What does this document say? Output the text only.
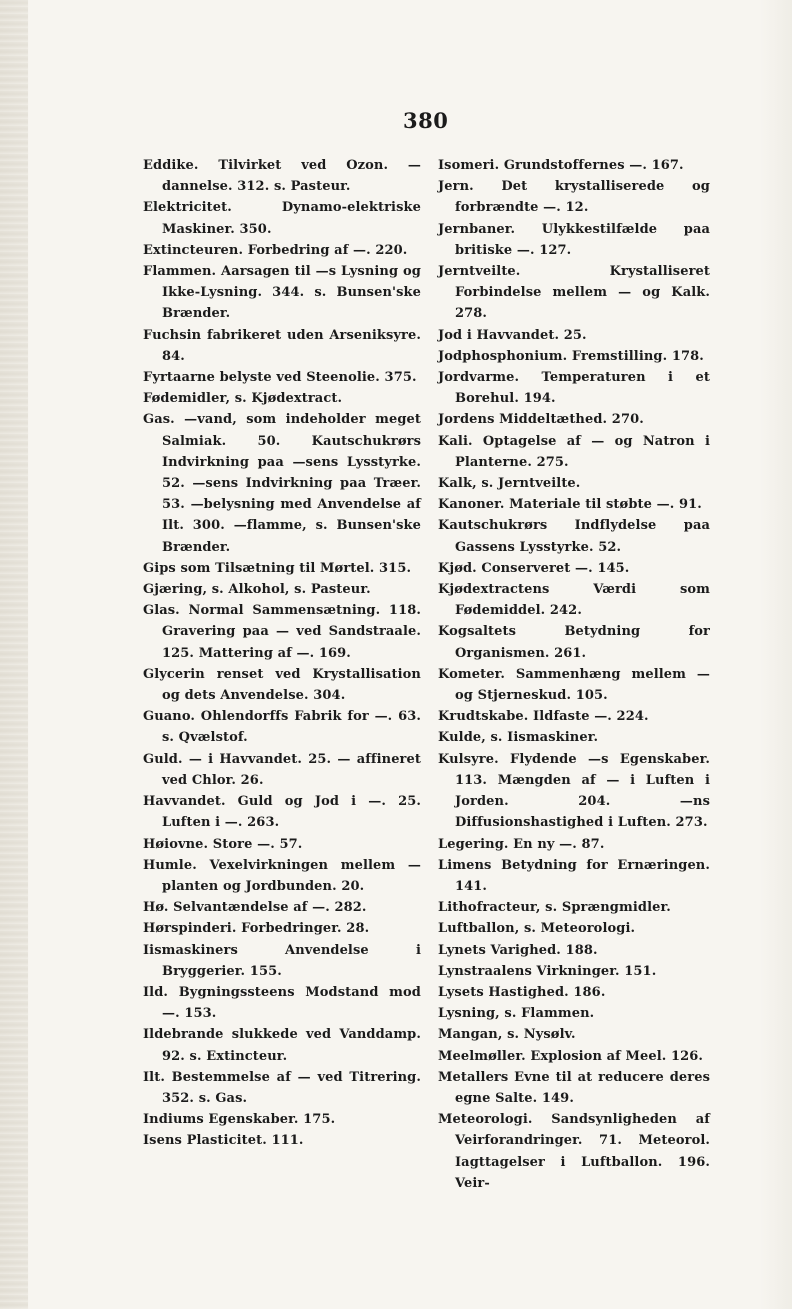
380

Eddike. Tilvirket ved Ozon. — dannelse. 312. s. Pasteur.

Elektricitet. Dynamo-elektriske Maskiner. 350.

Extincteuren. Forbedring af —. 220.

Flammen. Aarsagen til —s Lysning og Ikke-Lysning. 344. s. Bunsen'ske Brænder.

Fuchsin fabrikeret uden Arseniksyre. 84.

Fyrtaarne belyste ved Steenolie. 375.

Fødemidler, s. Kjødextract.

Gas. —vand, som indeholder meget Salmiak. 50. Kautschukrørs Indvirkning paa —sens Lysstyrke. 52. —sens Indvirkning paa Træer. 53. —belysning med Anvendelse af Ilt. 300. —flamme, s. Bunsen'ske Brænder.

Gips som Tilsætning til Mørtel. 315.

Gjæring, s. Alkohol, s. Pasteur.

Glas. Normal Sammensætning. 118. Gravering paa — ved Sandstraale. 125. Mattering af —. 169.

Glycerin renset ved Krystallisation og dets Anvendelse. 304.

Guano. Ohlendorffs Fabrik for —. 63. s. Qvælstof.

Guld. — i Havvandet. 25. — affineret ved Chlor. 26.

Havvandet. Guld og Jod i —. 25. Luften i —. 263.

Høiovne. Store —. 57.

Humle. Vexelvirkningen mellem —planten og Jordbunden. 20.

Hø. Selvantændelse af —. 282.

Hørspinderi. Forbedringer. 28.

Iismaskiners Anvendelse i Bryggerier. 155.

Ild. Bygningssteens Modstand mod —. 153.

Ildebrande slukkede ved Vanddamp. 92. s. Extincteur.

Ilt. Bestemmelse af — ved Titrering. 352. s. Gas.

Indiums Egenskaber. 175.

Isens Plasticitet. 111.

Isomeri. Grundstoffernes —. 167.

Jern. Det krystalliserede og forbrændte —. 12.

Jernbaner. Ulykkestilfælde paa britiske —. 127.

Jerntveilte. Krystalliseret Forbindelse mellem — og Kalk. 278.

Jod i Havvandet. 25.

Jodphosphonium. Fremstilling. 178.

Jordvarme. Temperaturen i et Borehul. 194.

Jordens Middeltæthed. 270.

Kali. Optagelse af — og Natron i Planterne. 275.

Kalk, s. Jerntveilte.

Kanoner. Materiale til støbte —. 91.

Kautschukrørs Indflydelse paa Gassens Lysstyrke. 52.

Kjød. Conserveret —. 145.

Kjødextractens Værdi som Fødemiddel. 242.

Kogsaltets Betydning for Organismen. 261.

Kometer. Sammenhæng mellem — og Stjerneskud. 105.

Krudtskabe. Ildfaste —. 224.

Kulde, s. Iismaskiner.

Kulsyre. Flydende —s Egenskaber. 113. Mængden af — i Luften i Jorden. 204. —ns Diffusionshastighed i Luften. 273.

Legering. En ny —. 87.

Limens Betydning for Ernæringen. 141.

Lithofracteur, s. Sprængmidler.

Luftballon, s. Meteorologi.

Lynets Varighed. 188.

Lynstraalens Virkninger. 151.

Lysets Hastighed. 186.

Lysning, s. Flammen.

Mangan, s. Nysølv.

Meelmøller. Explosion af Meel. 126.

Metallers Evne til at reducere deres egne Salte. 149.

Meteorologi. Sandsynligheden af Veirforandringer. 71. Meteorol. Iagttagelser i Luftballon. 196. Veir-
